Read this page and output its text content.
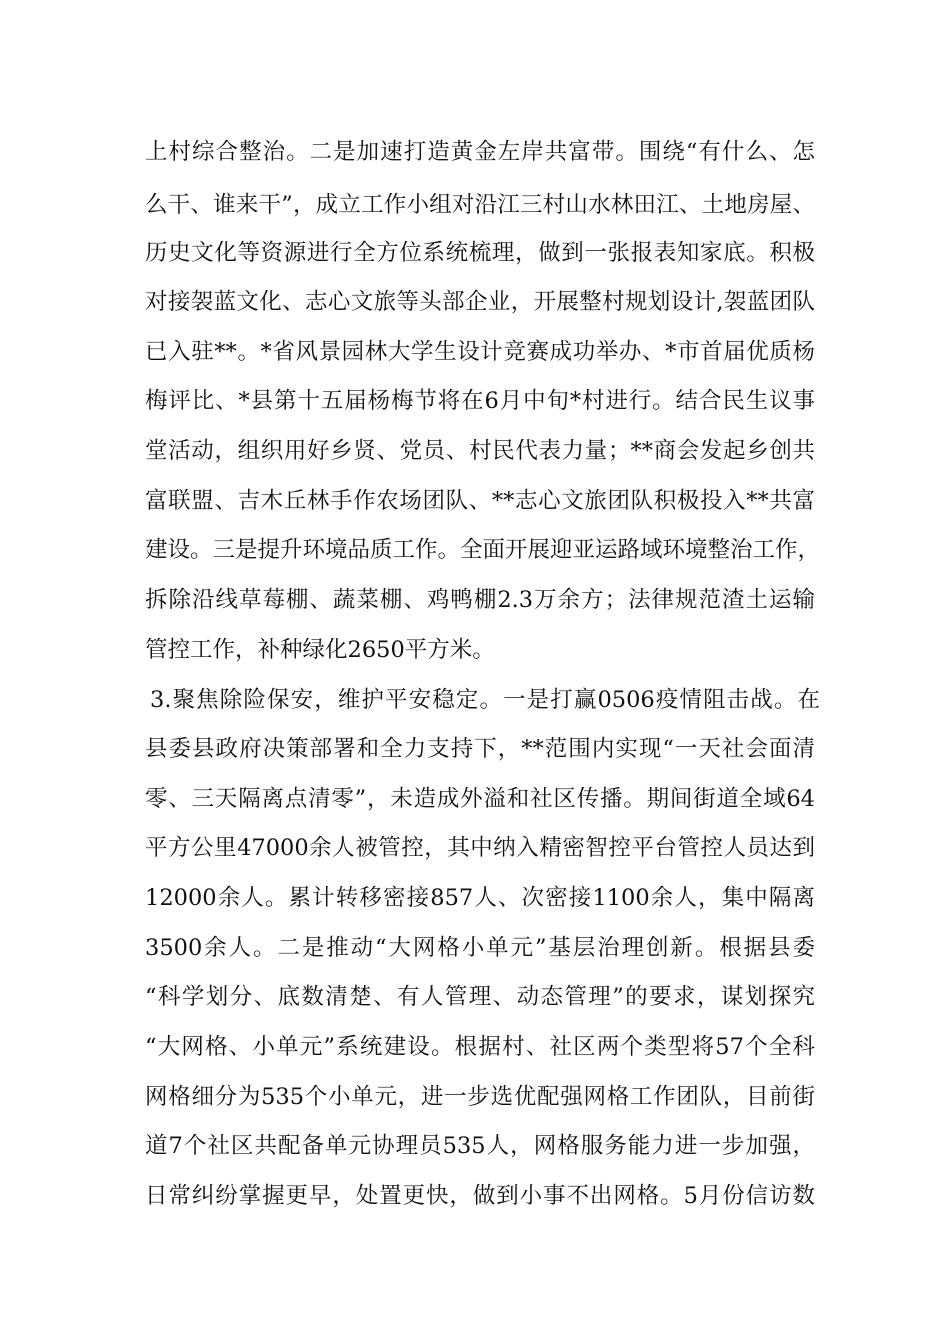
上村综合整治。二是加速打造黄金左岸共富带。围绕“有什么、怎
么干、谁来干”，成立工作小组对沿江三村山水林田江、土地房屋、
历史文化等资源进行全方位系统梳理，做到一张报表知家底。积极
对接袈蓝文化、志心文旅等头部企业，开展整村规划设计,袈蓝团队
已入驻**。*省风景园林大学生设计竞赛成功举办、*市首届优质杨
梅评比、*县第十五届杨梅节将在6月中旬*村进行。结合民生议事
堂活动，组织用好乡贤、党员、村民代表力量；**商会发起乡创共
富联盟、吉木丘林手作农场团队、**志心文旅团队积极投入**共富
建设。三是提升环境品质工作。全面开展迎亚运路域环境整治工作，
拆除沿线草莓棚、蔬菜棚、鸡鸭棚2.3万余方；法律规范渣土运输
管控工作，补种绿化2650平方米。
3.聚焦除险保安，维护平安稳定。一是打赢0506疫情阻击战。在
县委县政府决策部署和全力支持下，**范围内实现“一天社会面清
零、三天隔离点清零”，未造成外溢和社区传播。期间街道全域64
平方公里47000余人被管控，其中纳入精密智控平台管控人员达到
12000余人。累计转移密接857人、次密接1100余人，集中隔离
3500余人。二是推动“大网格小单元”基层治理创新。根据县委
“科学划分、底数清楚、有人管理、动态管理”的要求，谋划探究
“大网格、小单元”系统建设。根据村、社区两个类型将57个全科
网格细分为535个小单元，进一步选优配强网格工作团队，目前街
道7个社区共配备单元协理员535人，网格服务能力进一步加强，
日常纠纷掌握更早，处置更快，做到小事不出网格。5月份信访数
